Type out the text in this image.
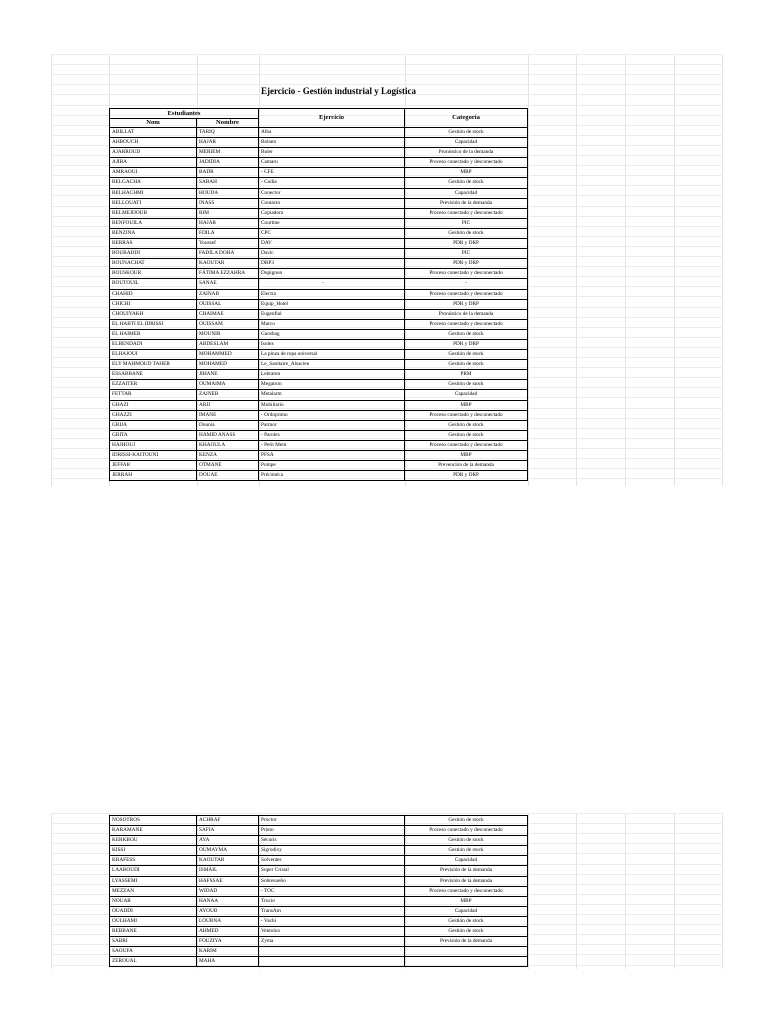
Ejercicio - Gestión industrial y Logística
Estudiantes		Ejercicio	Categoria
Nom	Nombre		
ABILLAT	TARIQ	Alba	Gestión de stock
AHBOUCH	HAJAR	Bobato	Capacidad
AJARROUD	MERIEM	Buler	Pronóstico de la demanda
AJIBA	JADIDIA	Camaru	Proceso conectado y desconectado
AMRAOUI	BADR	- CFE	MRP
BELGACHA	SABAH	- Codia	Gestión de stock
BELHACHMI	HOUDA	Conector	Capacidad
BELLOUATI	INASS	Contacto	Previsión de la demanda
BELMEJDOUB	RIM	Copiadora	Proceso conectado y desconectado
BENFOUILA	HAJAR	Courtine	PIC
BENZINA	FDILA	CPC	Gestión de stock
BERRAS	Youssef	DAV	PDR y DRP
BOUBADDI	FADILA DOHA	Davic	PIC
BOUNACHAT	KAOUTAR	DRP3	PDR y DRP
BOUSKOUR	FÁTIMA EZZAHRA	Dupignon	Proceso conectado y desconectado
BOUTOUIL	SANAE	-	-
CHAHID	ZAINAB	Electra	Proceso conectado y desconectado
CHICHI	OUISSAL	Equip_Hotel	PDR y DRP
CHOUIYAKH	CHAIMAE	Eugenflal	Pronóstico de la demanda
EL HABTI EL IDRISSI	OUISSAM	Marco	Proceso conectado y desconectado
EL HAIMER	MOUNIR	Gaosbag	Gestion de stock
ELBENDADI	ABDESLAM	Isolex	PDR y DRP
ELHAJOUI	MOHAMMED	La pinza de ropa universal	Gestión de stock
ELY MAHMOUD TAHER	MOHAMED	Le_Sanitaire_Alsacien	Gestión de stock
ESSABBANE	JIHANE	Lebraton	PRM
EZZAITER	OUMAIMA	Megatron	Gestión de stock
FETTAR	ZAINEB	Metalarm	Capacidad
GHAZI	ARIJ	Mobiliario	MRP
GHAZZI	IMANE	- Ordoprimo	Proceso conectado y desconectado
GRIJA	Dounia	Parmor	Gestión de stock
GRITA	HAMID ANASS	- Paroles	Gestion de stock
HAJHOUJ	KHAOULA	- Petit Mem	Proceso conectado y desconectado
IDRISSI-KAITOUNI	KENZA	PFSA	MRP
JEFFAR	OTMANE	Pompe	Prevención de la demanda
JERRAH	DOUAE	Préciméca	PDR y DRP
NOSOTROS	ACHRAF	Proctor	Gestión de stock
KARAMANE	SAFIA	Prieto	Proceso conectado y desconectado
KERKBOU	AYA	Sécuris	Gestión de stock
KISSI	OUMAYMA	Sigrodixy	Gestión de stock
KRAFESS	KAOUTAR	Solventes	Capacidad
LAABOUDI	ISMÀIL	Super Cristal	Previsión de la demanda
LYASSEMI	HAFSSAE	Sobresueño	Previsión de la demanda
MEZZAN	WIDAD	- TOC	Proceso conectado y desconectado
NOUAR	HANAA	Trucio	MRP
OUADDI	AYOUB	TransAm	Capacidad
OULHAMI	LOUBNA	- Vachi	Gestión de stock
REBBANE	AHMED	Ventolux	Gestión de stock
SABRI	FOUZIYA	Zyma	Previsión de la demanda
SAOUFA	KARIM		
ZEROUAL	MAHA		
